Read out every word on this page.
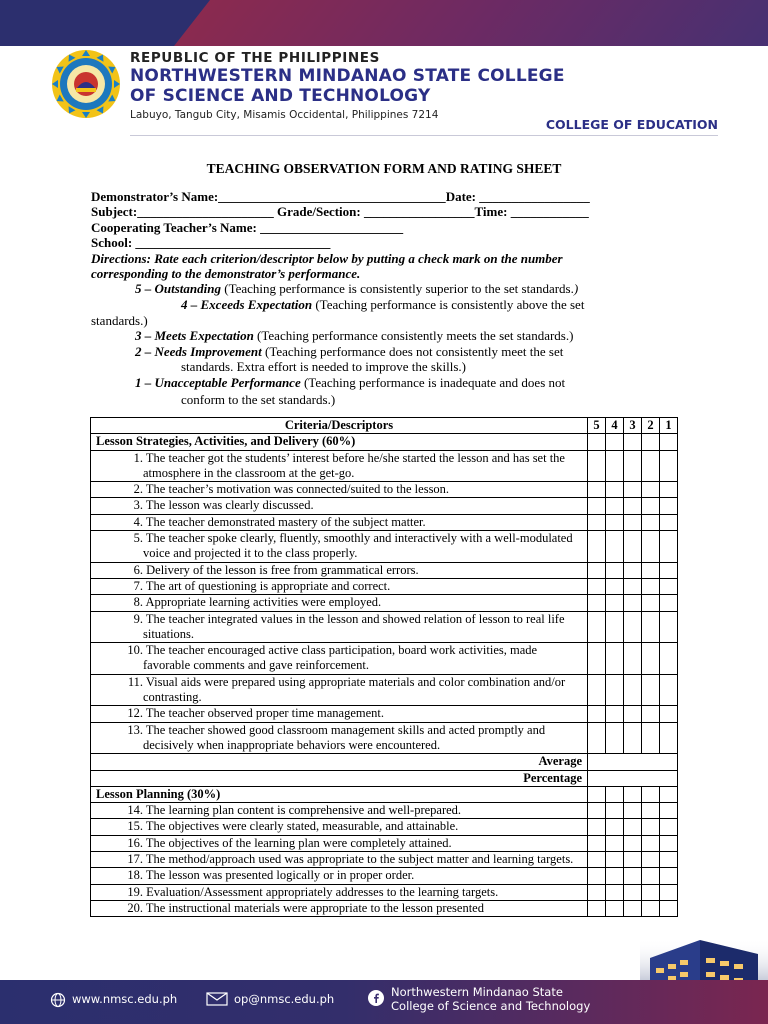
REPUBLIC OF THE PHILIPPINES
NORTHWESTERN MINDANAO STATE COLLEGE
OF SCIENCE AND TECHNOLOGY
Labuyo, Tangub City, Misamis Occidental, Philippines 7214
COLLEGE OF EDUCATION
TEACHING OBSERVATION FORM AND RATING SHEET
Demonstrator’s Name:___________________________________Date: _________________
Subject:_____________________ Grade/Section: _________________Time: ____________
Cooperating Teacher’s Name: ______________________
School: ______________________________
Directions: Rate each criterion/descriptor below by putting a check mark on the number
corresponding to the demonstrator’s performance.
5 – Outstanding (Teaching performance is consistently superior to the set standards.)
4 – Exceeds Expectation (Teaching performance is consistently above the set
standards.)
3 – Meets Expectation (Teaching performance consistently meets the set standards.)
2 – Needs Improvement (Teaching performance does not consistently meet the set
standards. Extra effort is needed to improve the skills.)
1 – Unacceptable Performance (Teaching performance is inadequate and does not
conform to the set standards.)
Criteria/Descriptors	5	4	3	2	1
Lesson Strategies, Activities, and Delivery (60%)					
1. The teacher got the students’ interest before he/she started the lesson and has set the atmosphere in the classroom at the get-go.					
2. The teacher’s motivation was connected/suited to the lesson.					
3. The lesson was clearly discussed.					
4. The teacher demonstrated mastery of the subject matter.					
5. The teacher spoke clearly, fluently, smoothly and interactively with a well-modulated voice and projected it to the class properly.					
6. Delivery of the lesson is free from grammatical errors.					
7. The art of questioning is appropriate and correct.					
8. Appropriate learning activities were employed.					
9. The teacher integrated values in the lesson and showed relation of lesson to real life situations.					
10. The teacher encouraged active class participation, board work activities, made favorable comments and gave reinforcement.					
11. Visual aids were prepared using appropriate materials and color combination and/or contrasting.					
12. The teacher observed proper time management.					
13. The teacher showed good classroom management skills and acted promptly and decisively when inappropriate behaviors were encountered.					
Average					
Percentage					
Lesson Planning (30%)					
14. The learning plan content is comprehensive and well-prepared.					
15. The objectives were clearly stated, measurable, and attainable.					
16. The objectives of the learning plan were completely attained.					
17. The method/approach used was appropriate to the subject matter and learning targets.					
18. The lesson was presented logically or in proper order.					
19. Evaluation/Assessment appropriately addresses to the learning targets.					
20. The instructional materials were appropriate to the lesson presented					
www.nmsc.edu.ph	op@nmsc.edu.ph	Northwestern Mindanao State
College of Science and Technology
